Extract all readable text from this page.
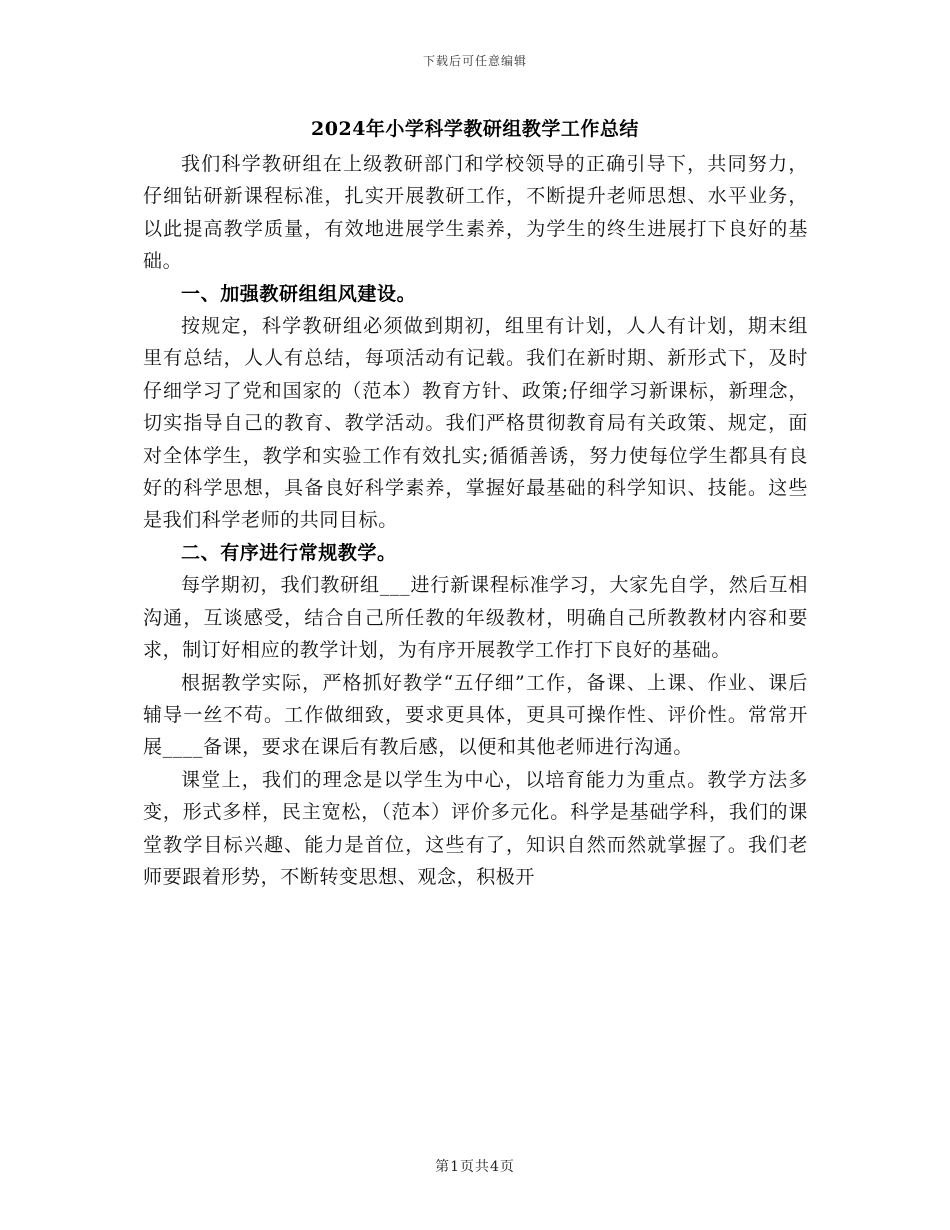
下载后可任意编辑
2024年小学科学教研组教学工作总结

我们科学教研组在上级教研部门和学校领导的正确引导下，共同努力，仔细钻研新课程标准，扎实开展教研工作，不断提升老师思想、水平业务，以此提高教学质量，有效地进展学生素养，为学生的终生进展打下良好的基础。

一、加强教研组组风建设。

按规定，科学教研组必须做到期初，组里有计划，人人有计划，期末组里有总结，人人有总结，每项活动有记载。我们在新时期、新形式下，及时仔细学习了党和国家的（范本）教育方针、政策;仔细学习新课标，新理念，切实指导自己的教育、教学活动。我们严格贯彻教育局有关政策、规定，面对全体学生，教学和实验工作有效扎实;循循善诱，努力使每位学生都具有良好的科学思想，具备良好科学素养，掌握好最基础的科学知识、技能。这些是我们科学老师的共同目标。

二、有序进行常规教学。

每学期初，我们教研组___进行新课程标准学习，大家先自学，然后互相沟通，互谈感受，结合自己所任教的年级教材，明确自己所教教材内容和要求，制订好相应的教学计划，为有序开展教学工作打下良好的基础。

根据教学实际，严格抓好教学“五仔细”工作，备课、上课、作业、课后辅导一丝不苟。工作做细致，要求更具体，更具可操作性、评价性。常常开展____备课，要求在课后有教后感，以便和其他老师进行沟通。

课堂上，我们的理念是以学生为中心，以培育能力为重点。教学方法多变，形式多样，民主宽松，（范本）评价多元化。科学是基础学科，我们的课堂教学目标兴趣、能力是首位，这些有了，知识自然而然就掌握了。我们老师要跟着形势，不断转变思想、观念，积极开

第1页共4页
